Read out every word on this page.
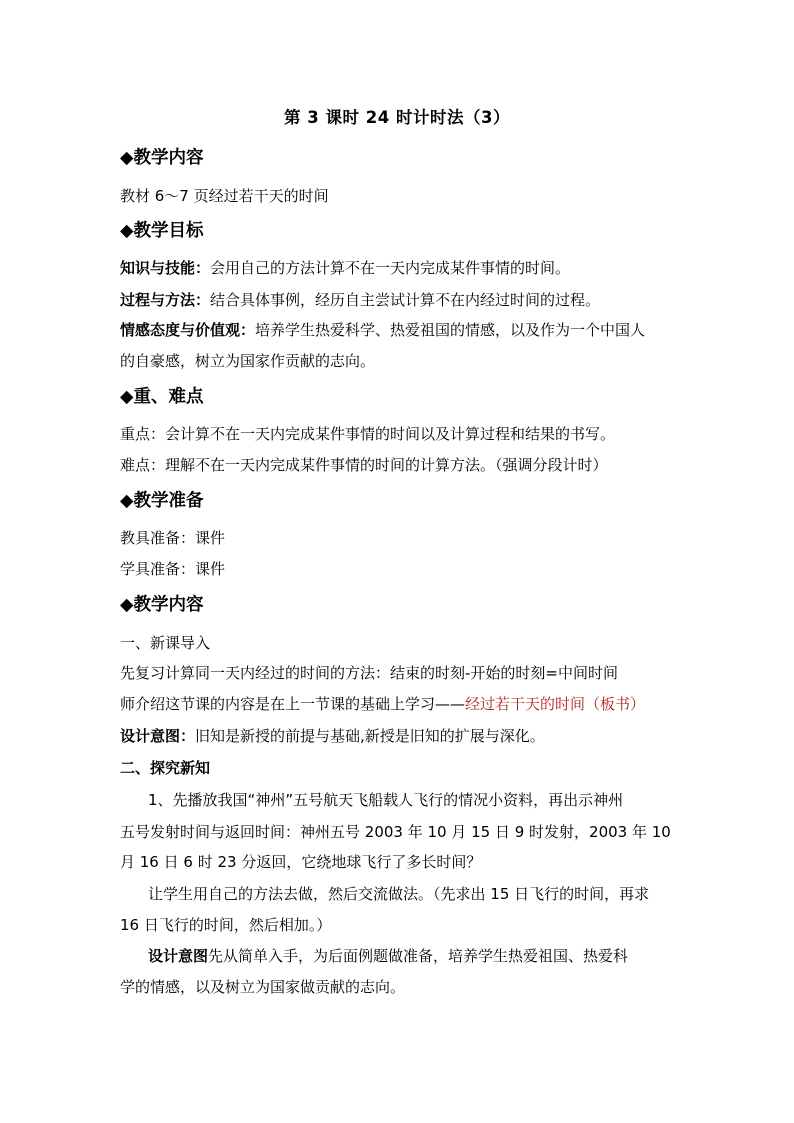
第 3 课时 24 时计时法（3）
◆教学内容
教材 6～7 页经过若干天的时间
◆教学目标
知识与技能：会用自己的方法计算不在一天内完成某件事情的时间。
过程与方法：结合具体事例，经历自主尝试计算不在内经过时间的过程。
情感态度与价值观：培养学生热爱科学、热爱祖国的情感，以及作为一个中国人
的自豪感，树立为国家作贡献的志向。
◆重、难点
重点：会计算不在一天内完成某件事情的时间以及计算过程和结果的书写。
难点：理解不在一天内完成某件事情的时间的计算方法。（强调分段计时）
◆教学准备
教具准备：课件
学具准备：课件
◆教学内容
一、新课导入
先复习计算同一天内经过的时间的方法：结束的时刻-开始的时刻=中间时间
师介绍这节课的内容是在上一节课的基础上学习——经过若干天的时间（板书）
设计意图：旧知是新授的前提与基础,新授是旧知的扩展与深化。
二、探究新知
1、先播放我国“神州”五号航天飞船载人飞行的情况小资料，再出示神州
五号发射时间与返回时间：神州五号 2003 年 10 月 15 日 9 时发射，2003 年 10
月 16 日 6 时 23 分返回，它绕地球飞行了多长时间？
让学生用自己的方法去做，然后交流做法。（先求出 15 日飞行的时间，再求
16 日飞行的时间，然后相加。）
设计意图先从简单入手，为后面例题做准备，培养学生热爱祖国、热爱科
学的情感，以及树立为国家做贡献的志向。
